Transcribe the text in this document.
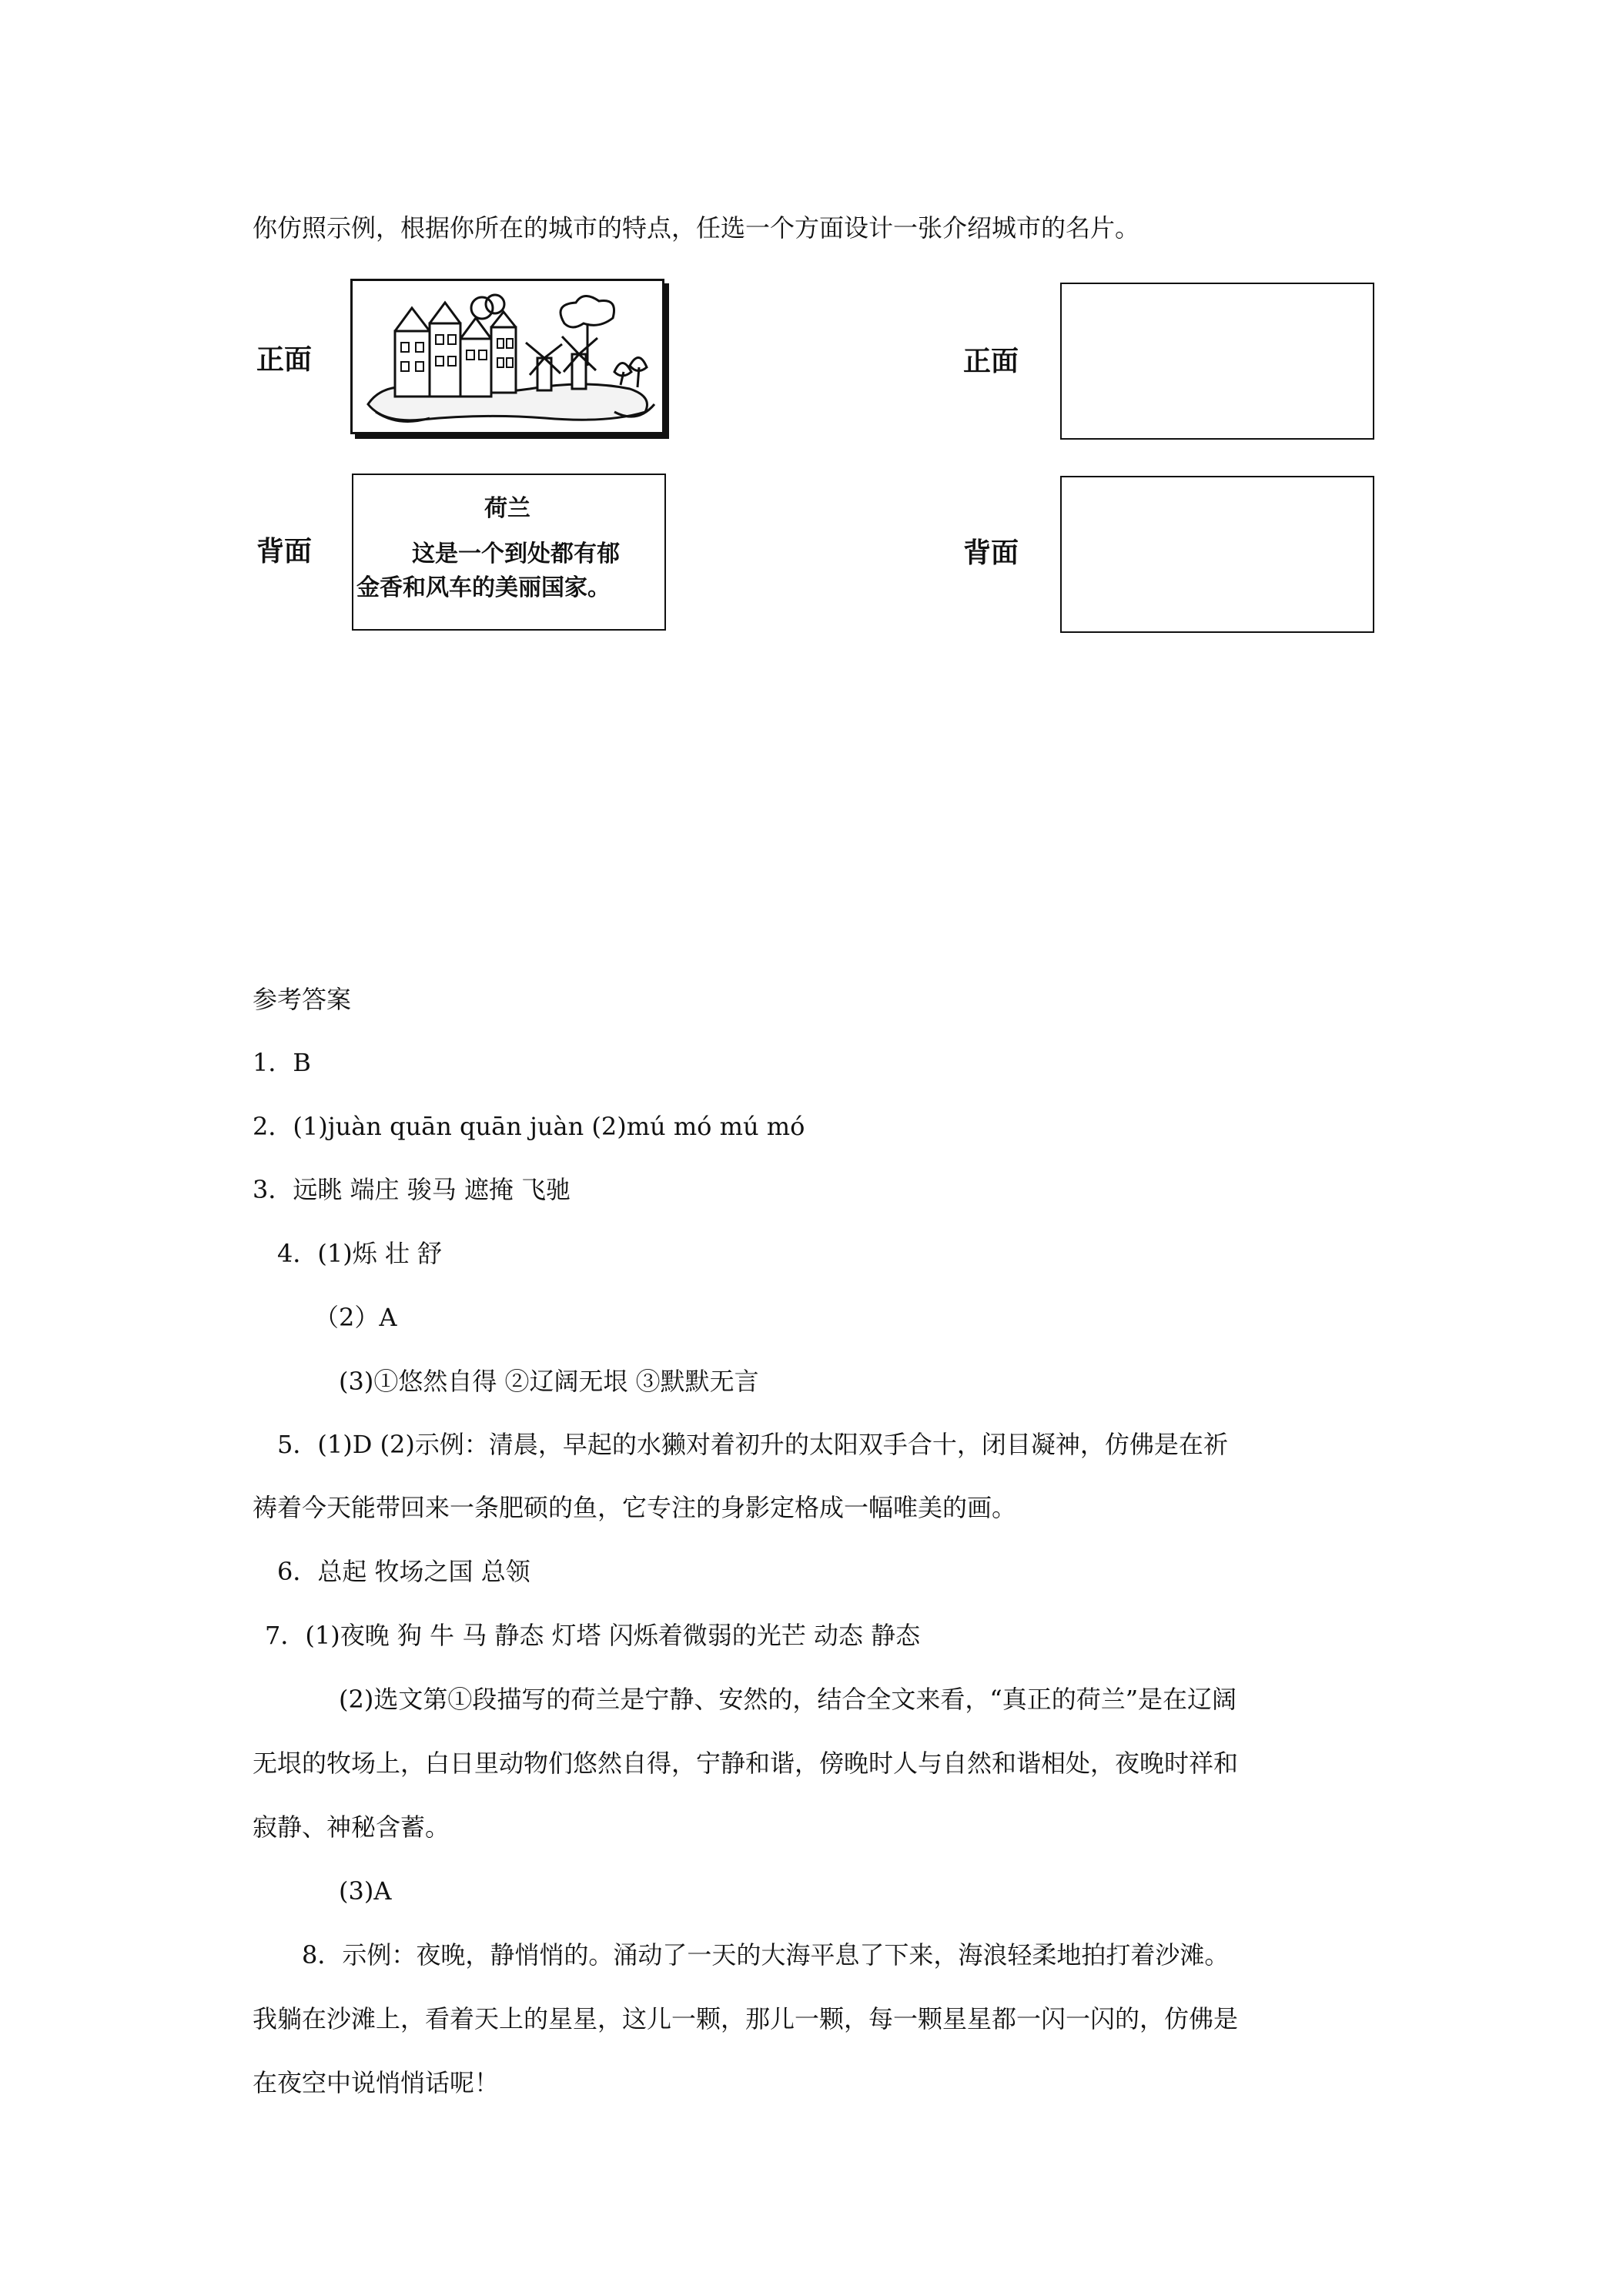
你仿照示例，根据你所在的城市的特点，任选一个方面设计一张介绍城市的名片。
正面
背面
荷兰
这是一个到处都有郁
金香和风车的美丽国家。
正面
背面
参考答案
1．B
2．(1)juàn quān quān juàn (2)mú mó mú mó
3．远眺 端庄 骏马 遮掩 飞驰
4．(1)烁 壮 舒
（2）A
(3)①悠然自得 ②辽阔无垠 ③默默无言
5．(1)D (2)示例：清晨，早起的水獭对着初升的太阳双手合十，闭目凝神，仿佛是在祈
祷着今天能带回来一条肥硕的鱼，它专注的身影定格成一幅唯美的画。
6．总起 牧场之国 总领
7．(1)夜晚 狗 牛 马 静态 灯塔 闪烁着微弱的光芒 动态 静态
(2)选文第①段描写的荷兰是宁静、安然的，结合全文来看，“真正的荷兰”是在辽阔
无垠的牧场上，白日里动物们悠然自得，宁静和谐，傍晚时人与自然和谐相处，夜晚时祥和
寂静、神秘含蓄。
(3)A
8．示例：夜晚，静悄悄的。涌动了一天的大海平息了下来，海浪轻柔地拍打着沙滩。
我躺在沙滩上，看着天上的星星，这儿一颗，那儿一颗，每一颗星星都一闪一闪的，仿佛是
在夜空中说悄悄话呢！
